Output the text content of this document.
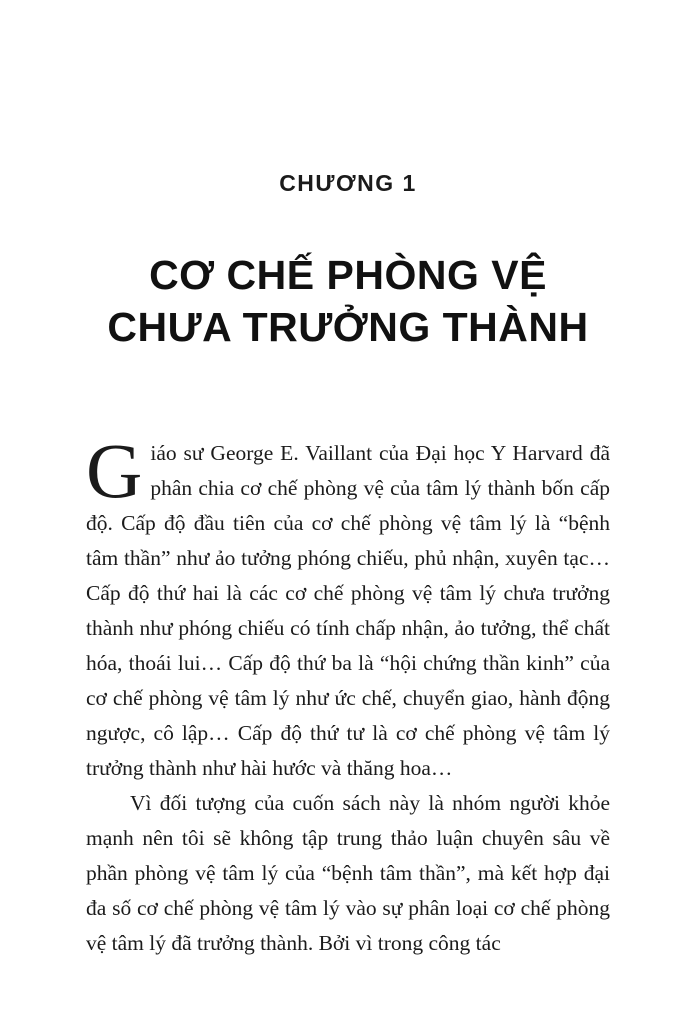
CHƯƠNG 1
CƠ CHẾ PHÒNG VỆ
CHƯA TRƯỞNG THÀNH

Giáo sư George E. Vaillant của Đại học Y Harvard đã phân chia cơ chế phòng vệ của tâm lý thành bốn cấp độ. Cấp độ đầu tiên của cơ chế phòng vệ tâm lý là “bệnh tâm thần” như ảo tưởng phóng chiếu, phủ nhận, xuyên tạc… Cấp độ thứ hai là các cơ chế phòng vệ tâm lý chưa trưởng thành như phóng chiếu có tính chấp nhận, ảo tưởng, thể chất hóa, thoái lui… Cấp độ thứ ba là “hội chứng thần kinh” của cơ chế phòng vệ tâm lý như ức chế, chuyển giao, hành động ngược, cô lập… Cấp độ thứ tư là cơ chế phòng vệ tâm lý trưởng thành như hài hước và thăng hoa…

Vì đối tượng của cuốn sách này là nhóm người khỏe mạnh nên tôi sẽ không tập trung thảo luận chuyên sâu về phần phòng vệ tâm lý của “bệnh tâm thần”, mà kết hợp đại đa số cơ chế phòng vệ tâm lý vào sự phân loại cơ chế phòng vệ tâm lý đã trưởng thành. Bởi vì trong công tác
